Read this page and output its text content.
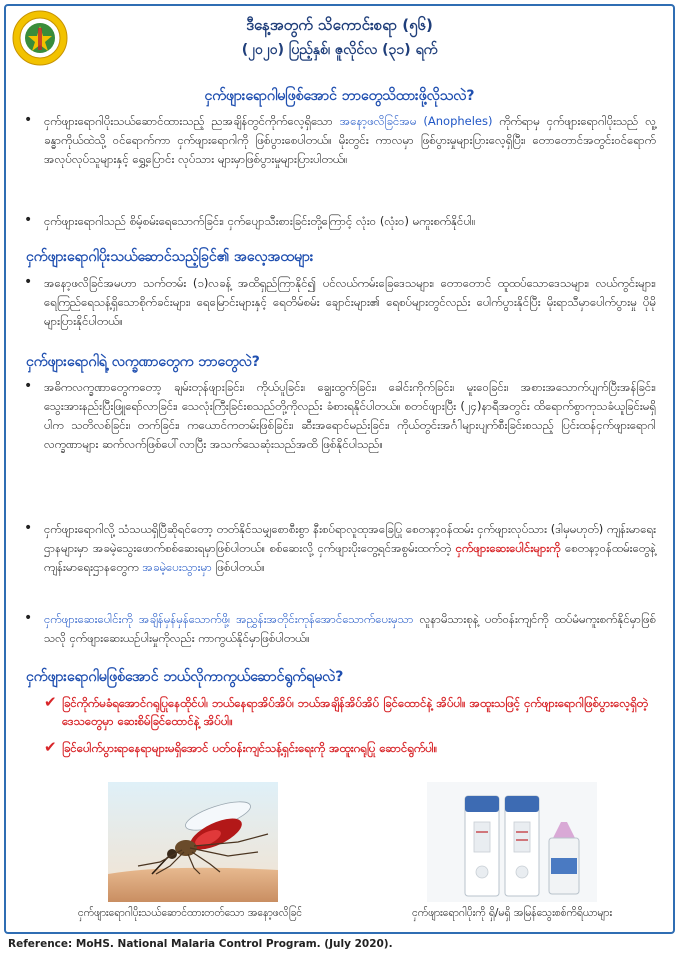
ဒီနေ့အတွက် သိကောင်းစရာ (၅၆)
(၂၀၂၀) ပြည့်နှစ်၊ ဇူလိုင်လ (၃၁) ရက်
ငှက်ဖျားရောဂါမဖြစ်အောင် ဘာတွေသိထားဖို့လိုသလဲ?
•	ငှက်ဖျားရောဂါပိုးသယ်ဆောင်ထားသည့် ညအချိန်တွင်ကိုက်လေ့ရှိသော အနော့ဖလိခြင်အမ (Anopheles) ကိုက်ရာမှ ငှက်ဖျားရောဂါပိုးသည် လူ့ခန္ဓာကိုယ်ထဲသို့ ဝင်ရောက်ကာ ငှက်ဖျားရောဂါကို ဖြစ်ပွားစေပါတယ်။ မိုးတွင်း ကာလမှာ ဖြစ်ပွားမှုများပြားလေ့ရှိပြီး၊ တောတောင်အတွင်းဝင်ရောက်အလုပ်လုပ်သူများနှင့် ရွှေ့ပြောင်း လုပ်သား များမှာဖြစ်ပွားမှုများပြားပါတယ်။
•	ငှက်ဖျားရောဂါသည် စိမ့်စမ်းရေသောက်ခြင်း၊ ငှက်ပျောသီးစားခြင်းတို့ကြောင့် လုံးဝ (လုံးဝ) မကူးစက်နိုင်ပါ။
ငှက်ဖျားရောဂါပိုးသယ်ဆောင်သည့်ခြင်၏ အလေ့အထများ
•	အနော့ဖလိခြင်အမဟာ သက်တမ်း (၁)လခန့် အထိရှည်ကြာနိုင်၍ ပင်လယ်ကမ်းခြေဒေသများ၊ တောတောင် ထူထပ်သောဒေသများ၊ လယ်ကွင်းများ၊ ရေကြည်ရေသန့်ရှိသောစိုက်ခင်းများ၊ ရေမြောင်းများနှင့် ရေတိမ်စမ်း ချောင်းများ၏ ရေစပ်များတွင်လည်း ပေါက်ပွားနိုင်ပြီး မိုးရာသီမှာပေါက်ပွားမှု ပိုမိုများပြားနိုင်ပါတယ်။
ငှက်ဖျားရောဂါရဲ့ လက္ခဏာတွေက ဘာတွေလဲ?
•	အဓိကလက္ခဏာတွေကတော့ ချမ်းတုန်ဖျားခြင်း၊ ကိုယ်ပူခြင်း၊ ချွေးထွက်ခြင်း၊ ခေါင်းကိုက်ခြင်း၊ မူးဝေခြင်း၊ အစားအသောက်ပျက်ပြီးအန်ခြင်း၊ သွေးအားနည်းပြီးဖြူရော်လာခြင်း၊ သေလုံးကြီးခြင်းစသည်တို့ကိုလည်း ခံစားရနိုင်ပါတယ်။ စတင်ဖျားပြီး (၂၄)နာရီအတွင်း ထိရောက်စွာကုသခံယူခြင်းမရှိပါက သတိလစ်ခြင်း၊ တက်ခြင်း၊ ကယောင်ကတမ်းဖြစ်ခြင်း၊ ဆီးအရောင်မည်းခြင်း၊ ကိုယ်တွင်းအင်္ဂါများပျက်စီးခြင်းစသည့် ပြင်းထန်ငှက်ဖျားရောဂါ လက္ခဏာများ ဆက်လက်ဖြစ်ပေါ်လာပြီး အသက်သေဆုံးသည်အထိ ဖြစ်နိုင်ပါသည်။
•	ငှက်ဖျားရောဂါလို့ သံသယရှိပြီဆိုရင်တော့ တတ်နိုင်သမျှစောစီးစွာ နီးစပ်ရာလူထုအခြေပြု စေတနာ့ဝန်ထမ်း ငှက်ဖျားလုပ်သား (ဒါမှမဟုတ်) ကျန်းမာရေးဌာနများမှာ အခမဲ့သွေးဖောက်စစ်ဆေးရမှာဖြစ်ပါတယ်။ စစ်ဆေးလို့ ငှက်ဖျားပိုးတွေ့ရင်အစွမ်းထက်တဲ့ ငှက်ဖျားဆေးပေါင်းများကို စေတနာ့ဝန်ထမ်းတွေနဲ့ ကျန်းမာရေးဌာနတွေက အခမဲ့ပေးသွားမှာ ဖြစ်ပါတယ်။
•	ငှက်ဖျားဆေးပေါင်းကို အချိန်မှန်မှန်သောက်ဖို့၊ အညွှန်းအတိုင်းကုန်အောင်သောက်ပေးမှသာ လူနာမိသားစုနဲ့ ပတ်ဝန်းကျင်ကို ထပ်မံမကူးစက်နိုင်မှာဖြစ်သလို ငှက်ဖျားဆေးယဉ်ပါးမှုကိုလည်း ကာကွယ်နိုင်မှာဖြစ်ပါတယ်။
ငှက်ဖျားရောဂါမဖြစ်အောင် ဘယ်လိုကာကွယ်ဆောင်ရွက်ရမလဲ?
✔ ခြင်ကိုက်မခံရအောင်ဂရုပြုနေထိုင်ပါ၊ ဘယ်နေရာအိပ်အိပ်၊ ဘယ်အချိန်အိပ်အိပ် ခြင်ထောင်နဲ့ အိပ်ပါ။ အထူးသဖြင့် ငှက်ဖျားရောဂါဖြစ်ပွားလေ့ရှိတဲ့ဒေသတွေမှာ ဆေးစိမ်ခြင်ထောင်နဲ့ အိပ်ပါ။
✔ ခြင်ပေါက်ပွားရာနေရာများမရှိအောင် ပတ်ဝန်းကျင်သန့်ရှင်းရေးကို အထူးဂရုပြု ဆောင်ရွက်ပါ။
ငှက်ဖျားရောဂါပိုးသယ်ဆောင်ထားတတ်သော အနော့ဖလိခြင်	ငှက်ဖျားရောဂါပိုးကို ရှိ/မရှိ အမြန်သွေးစစ်ကိရိယာများ
Reference: MoHS. National Malaria Control Program. (July 2020).
